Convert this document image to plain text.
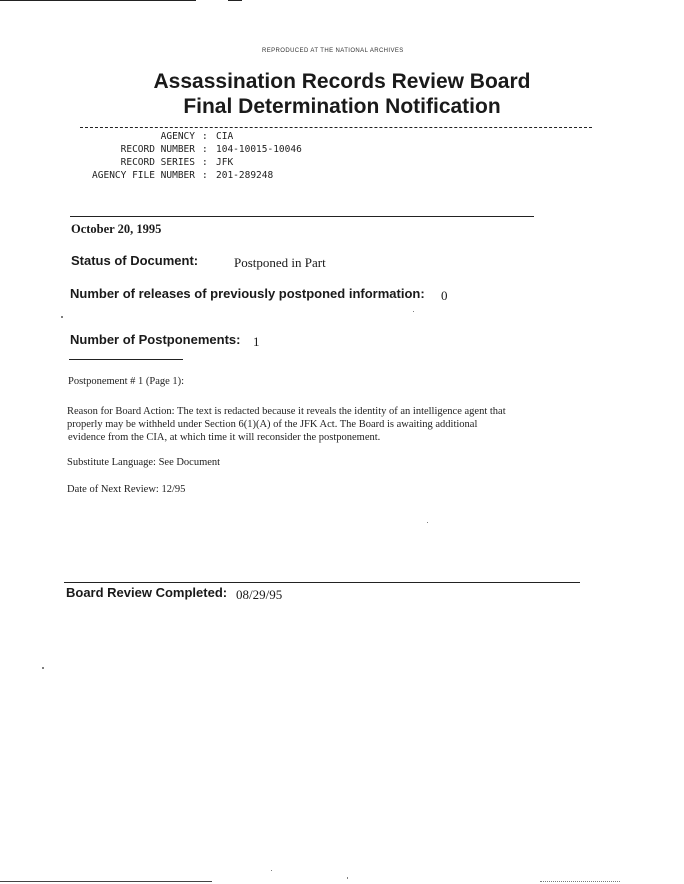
REPRODUCED AT THE NATIONAL ARCHIVES
Assassination Records Review Board
Final Determination Notification
AGENCY : CIA
RECORD NUMBER : 104-10015-10046
RECORD SERIES : JFK
AGENCY FILE NUMBER : 201-289248
October 20, 1995
Status of Document:	Postponed in Part
Number of releases of previously postponed information: 0
Number of Postponements: 1
Postponement # 1 (Page 1):
Reason for Board Action: The text is redacted because it reveals the identity of an intelligence agent that
properly may be withheld under Section 6(1)(A) of the JFK Act. The Board is awaiting additional
evidence from the CIA, at which time it will reconsider the postponement.
Substitute Language: See Document
Date of Next Review: 12/95
Board Review Completed: 08/29/95
